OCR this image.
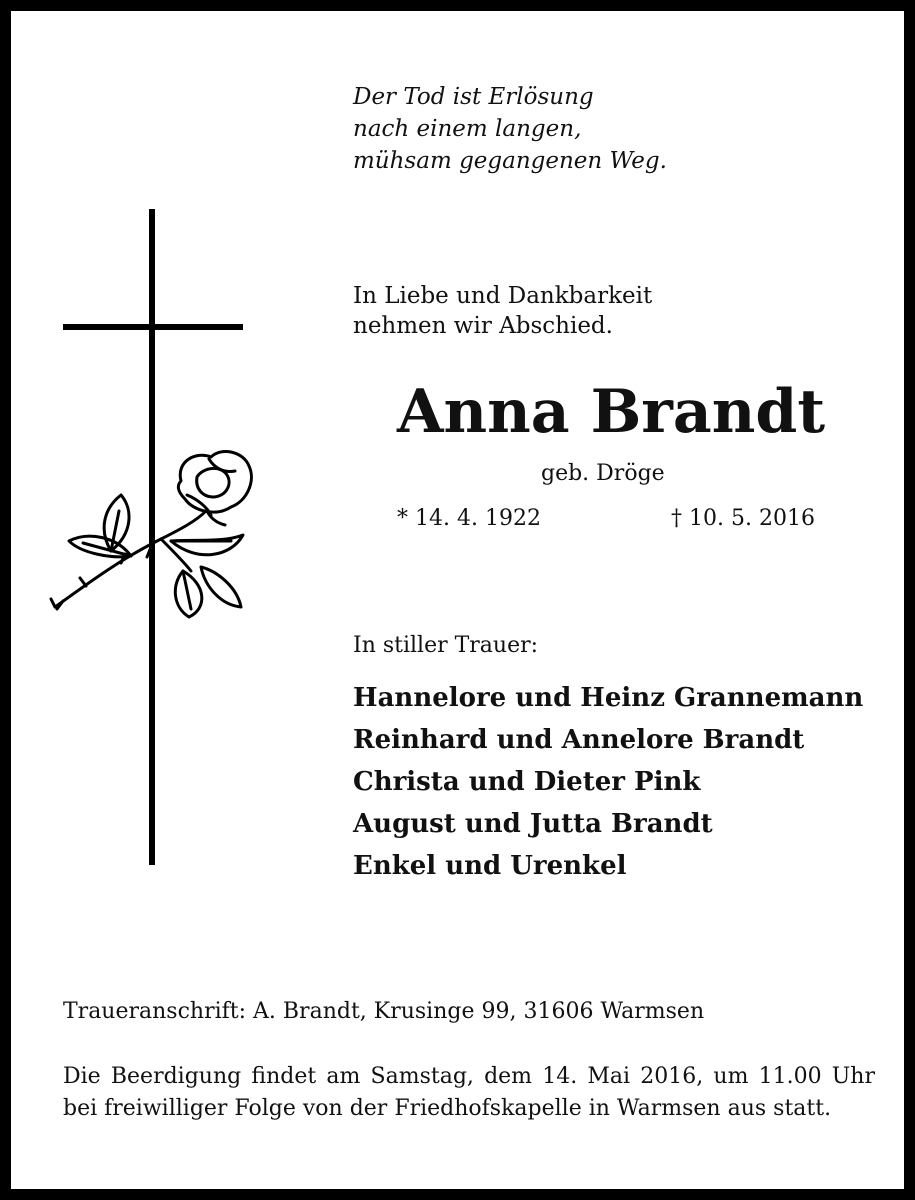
Der Tod ist Erlösung
nach einem langen,
mühsam gegangenen Weg.
In Liebe und Dankbarkeit
nehmen wir Abschied.
Anna Brandt
geb. Dröge
* 14. 4. 1922	† 10. 5. 2016
In stiller Trauer:
Hannelore und Heinz Grannemann
Reinhard und Annelore Brandt
Christa und Dieter Pink
August und Jutta Brandt
Enkel und Urenkel
Traueranschrift: A. Brandt, Krusinge 99, 31606 Warmsen
Die Beerdigung findet am Samstag, dem 14. Mai 2016, um 11.00 Uhr bei freiwilliger Folge von der Friedhofskapelle in Warmsen aus statt.
